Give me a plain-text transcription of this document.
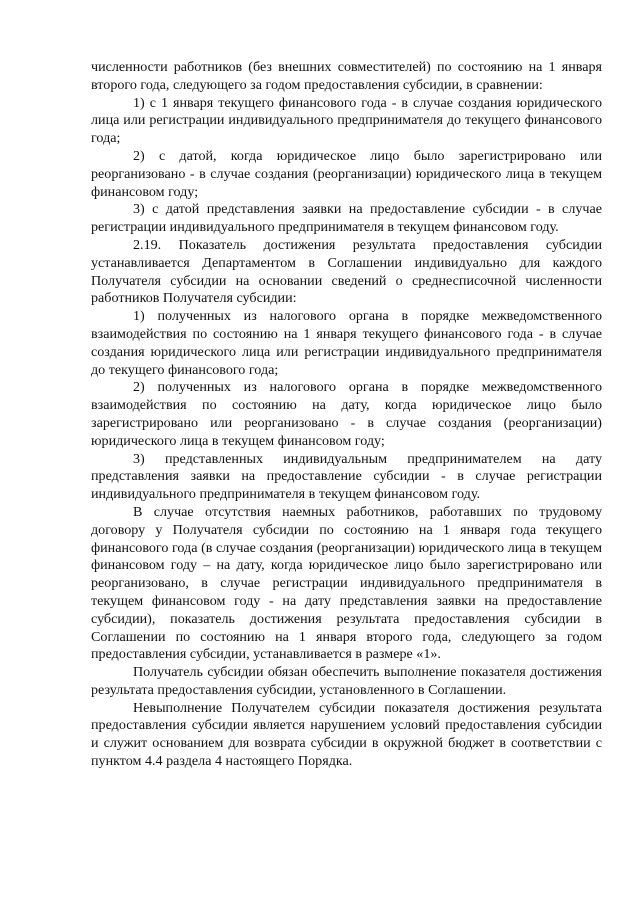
численности работников (без внешних совместителей) по состоянию на 1 января второго года, следующего за годом предоставления субсидии, в сравнении:

1) с 1 января текущего финансового года - в случае создания юридического лица или регистрации индивидуального предпринимателя до текущего финансового года;

2) с датой, когда юридическое лицо было зарегистрировано или реорганизовано - в случае создания (реорганизации) юридического лица в текущем финансовом году;

3) с датой представления заявки на предоставление субсидии - в случае регистрации индивидуального предпринимателя в текущем финансовом году.

2.19. Показатель достижения результата предоставления субсидии устанавливается Департаментом в Соглашении индивидуально для каждого Получателя субсидии на основании сведений о среднесписочной численности работников Получателя субсидии:

1) полученных из налогового органа в порядке межведомственного взаимодействия по состоянию на 1 января текущего финансового года - в случае создания юридического лица или регистрации индивидуального предпринимателя до текущего финансового года;

2) полученных из налогового органа в порядке межведомственного взаимодействия по состоянию на дату, когда юридическое лицо было зарегистрировано или реорганизовано - в случае создания (реорганизации) юридического лица в текущем финансовом году;

3) представленных индивидуальным предпринимателем на дату представления заявки на предоставление субсидии - в случае регистрации индивидуального предпринимателя в текущем финансовом году.

В случае отсутствия наемных работников, работавших по трудовому договору у Получателя субсидии по состоянию на 1 января года текущего финансового года (в случае создания (реорганизации) юридического лица в текущем финансовом году – на дату, когда юридическое лицо было зарегистрировано или реорганизовано, в случае регистрации индивидуального предпринимателя в текущем финансовом году - на дату представления заявки на предоставление субсидии), показатель достижения результата предоставления субсидии в Соглашении по состоянию на 1 января второго года, следующего за годом предоставления субсидии, устанавливается в размере «1».

Получатель субсидии обязан обеспечить выполнение показателя достижения результата предоставления субсидии, установленного в Соглашении.

Невыполнение Получателем субсидии показателя достижения результата предоставления субсидии является нарушением условий предоставления субсидии и служит основанием для возврата субсидии в окружной бюджет в соответствии с пунктом 4.4 раздела 4 настоящего Порядка.
